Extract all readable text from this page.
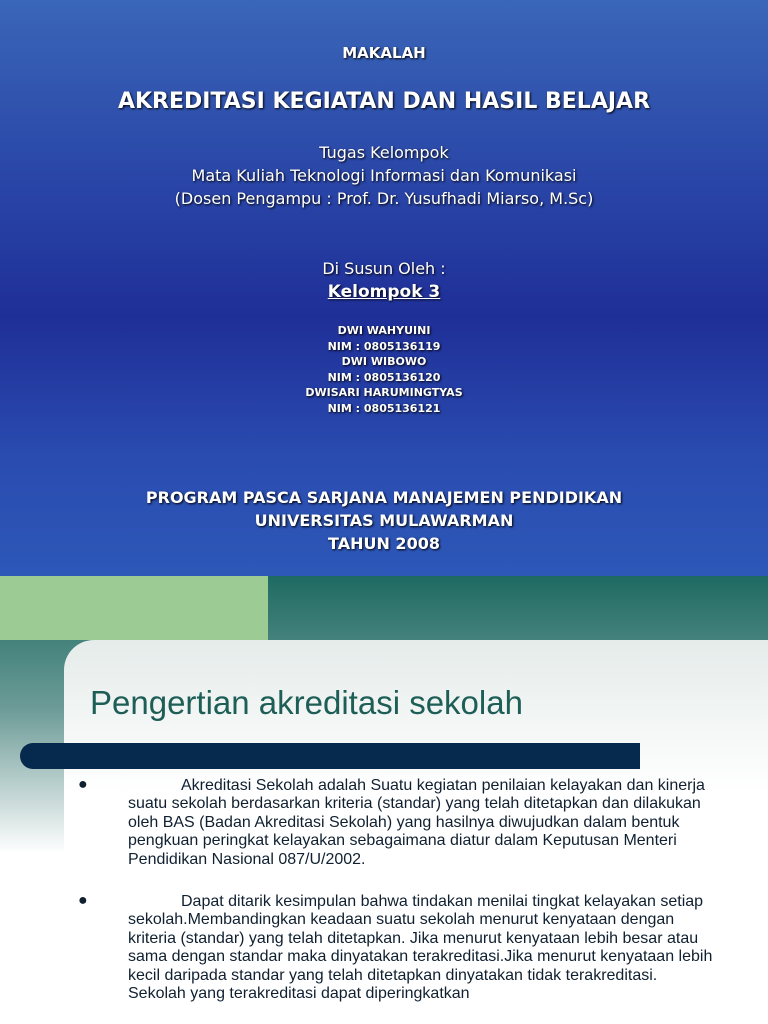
MAKALAH
AKREDITASI KEGIATAN DAN HASIL BELAJAR
Tugas Kelompok
Mata Kuliah Teknologi Informasi dan Komunikasi
(Dosen Pengampu : Prof. Dr. Yusufhadi Miarso, M.Sc)
Di Susun Oleh :
Kelompok 3
DWI WAHYUINI
NIM : 0805136119
DWI WIBOWO
NIM : 0805136120
DWISARI HARUMINGTYAS
NIM : 0805136121
PROGRAM PASCA SARJANA MANAJEMEN PENDIDIKAN
UNIVERSITAS MULAWARMAN
TAHUN 2008
Pengertian akreditasi sekolah
●	Akreditasi Sekolah adalah Suatu kegiatan penilaian kelayakan dan kinerja suatu sekolah berdasarkan kriteria (standar) yang telah ditetapkan dan dilakukan oleh BAS (Badan Akreditasi Sekolah) yang hasilnya diwujudkan dalam bentuk pengkuan peringkat kelayakan sebagaimana diatur dalam Keputusan Menteri Pendidikan Nasional 087/U/2002.
●	Dapat ditarik kesimpulan bahwa tindakan menilai tingkat kelayakan setiap sekolah.Membandingkan keadaan suatu sekolah menurut kenyataan dengan kriteria (standar) yang telah ditetapkan. Jika menurut kenyataan lebih besar atau sama dengan standar maka dinyatakan terakreditasi.Jika menurut kenyataan lebih kecil daripada standar yang telah ditetapkan dinyatakan tidak terakreditasi. Sekolah yang terakreditasi dapat diperingkatkan
